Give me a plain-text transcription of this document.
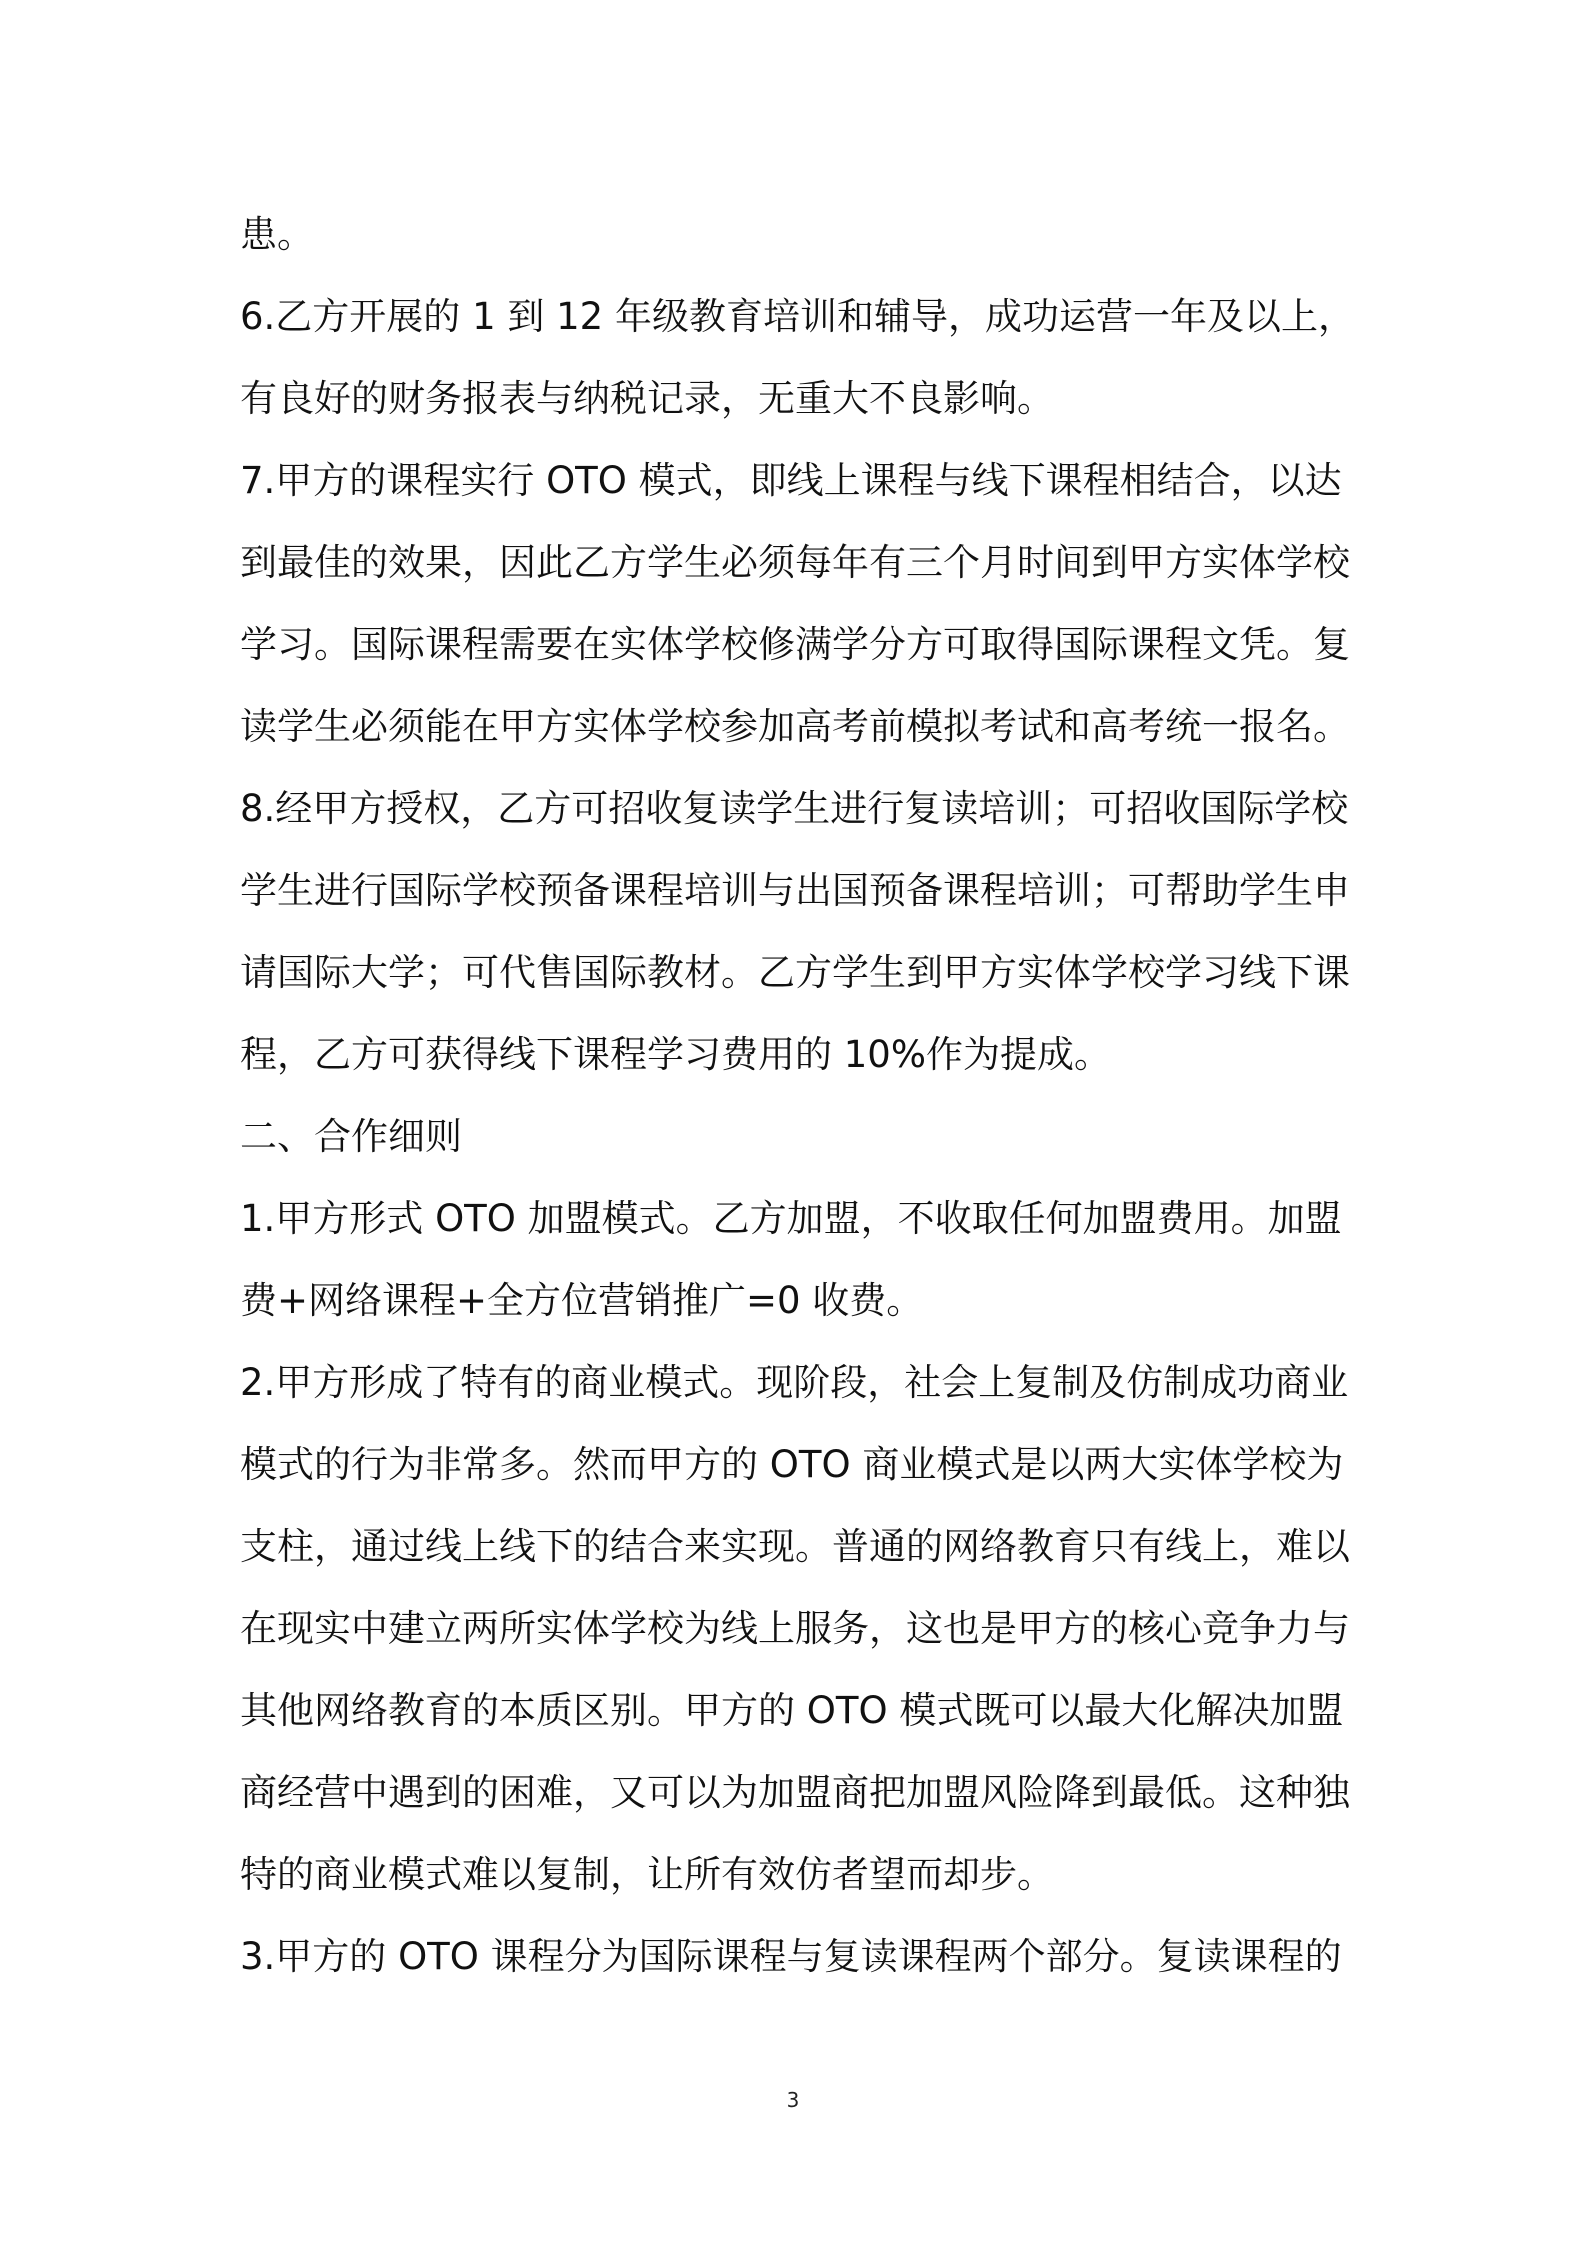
患。
6.乙方开展的 1 到 12 年级教育培训和辅导，成功运营一年及以上，
有良好的财务报表与纳税记录，无重大不良影响。
7.甲方的课程实行 OTO 模式，即线上课程与线下课程相结合，以达
到最佳的效果，因此乙方学生必须每年有三个月时间到甲方实体学校
学习。国际课程需要在实体学校修满学分方可取得国际课程文凭。复
读学生必须能在甲方实体学校参加高考前模拟考试和高考统一报名。
8.经甲方授权，乙方可招收复读学生进行复读培训；可招收国际学校
学生进行国际学校预备课程培训与出国预备课程培训；可帮助学生申
请国际大学；可代售国际教材。乙方学生到甲方实体学校学习线下课
程，乙方可获得线下课程学习费用的 10%作为提成。
二、合作细则
1.甲方形式 OTO 加盟模式。乙方加盟，不收取任何加盟费用。加盟
费+网络课程+全方位营销推广=0 收费。
2.甲方形成了特有的商业模式。现阶段，社会上复制及仿制成功商业
模式的行为非常多。然而甲方的 OTO 商业模式是以两大实体学校为
支柱，通过线上线下的结合来实现。普通的网络教育只有线上，难以
在现实中建立两所实体学校为线上服务，这也是甲方的核心竞争力与
其他网络教育的本质区别。甲方的 OTO 模式既可以最大化解决加盟
商经营中遇到的困难，又可以为加盟商把加盟风险降到最低。这种独
特的商业模式难以复制，让所有效仿者望而却步。
3.甲方的 OTO 课程分为国际课程与复读课程两个部分。复读课程的
3
